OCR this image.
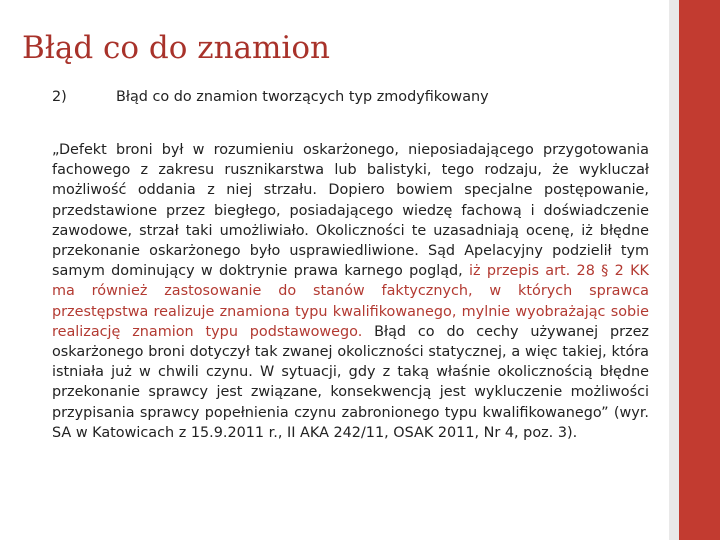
Błąd co do znamion
2)	Błąd co do znamion tworzących typ zmodyfikowany

„Defekt broni był w rozumieniu oskarżonego, nieposiadającego przygotowania fachowego z zakresu rusznikarstwa lub balistyki, tego rodzaju, że wykluczał możliwość oddania z niej strzału. Dopiero bowiem specjalne postępowanie, przedstawione przez biegłego, posiadającego wiedzę fachową i doświadczenie zawodowe, strzał taki umożliwiało. Okoliczności te uzasadniają ocenę, iż błędne przekonanie oskarżonego było usprawiedliwione. Sąd Apelacyjny podzielił tym samym dominujący w doktrynie prawa karnego pogląd, iż przepis art. 28 § 2 KK ma również zastosowanie do stanów faktycznych, w których sprawca przestępstwa realizuje znamiona typu kwalifikowanego, mylnie wyobrażając sobie realizację znamion typu podstawowego. Błąd co do cechy używanej przez oskarżonego broni dotyczył tak zwanej okoliczności statycznej, a więc takiej, która istniała już w chwili czynu. W sytuacji, gdy z taką właśnie okolicznością błędne przekonanie sprawcy jest związane, konsekwencją jest wykluczenie możliwości przypisania sprawcy popełnienia czynu zabronionego typu kwalifikowanego” (wyr. SA w Katowicach z 15.9.2011 r., II AKA 242/11, OSAK 2011, Nr 4, poz. 3).
